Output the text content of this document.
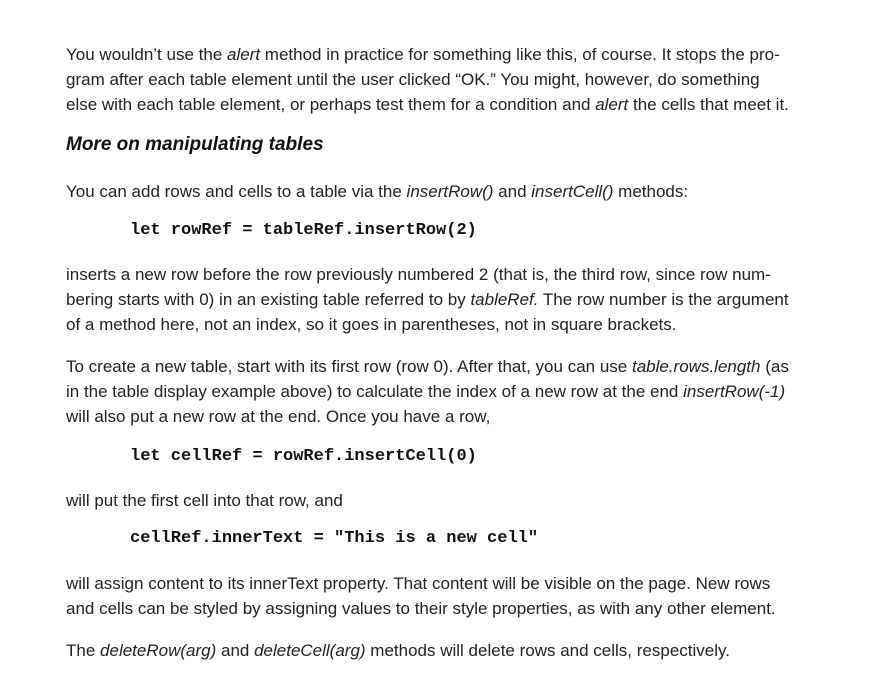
You wouldn’t use the alert method in practice for something like this, of course. It stops the pro-
gram after each table element until the user clicked “OK.” You might, however, do something
else with each table element, or perhaps test them for a condition and alert the cells that meet it.

More on manipulating tables

You can add rows and cells to a table via the insertRow() and insertCell() methods:

let rowRef = tableRef.insertRow(2)

inserts a new row before the row previously numbered 2 (that is, the third row, since row num-
bering starts with 0) in an existing table referred to by tableRef. The row number is the argument
of a method here, not an index, so it goes in parentheses, not in square brackets.

To create a new table, start with its first row (row 0). After that, you can use table.rows.length (as
in the table display example above) to calculate the index of a new row at the end insertRow(-1)
will also put a new row at the end. Once you have a row,

let cellRef = rowRef.insertCell(0)

will put the first cell into that row, and

cellRef.innerText = "This is a new cell"

will assign content to its innerText property. That content will be visible on the page. New rows
and cells can be styled by assigning values to their style properties, as with any other element.

The deleteRow(arg) and deleteCell(arg) methods will delete rows and cells, respectively.
